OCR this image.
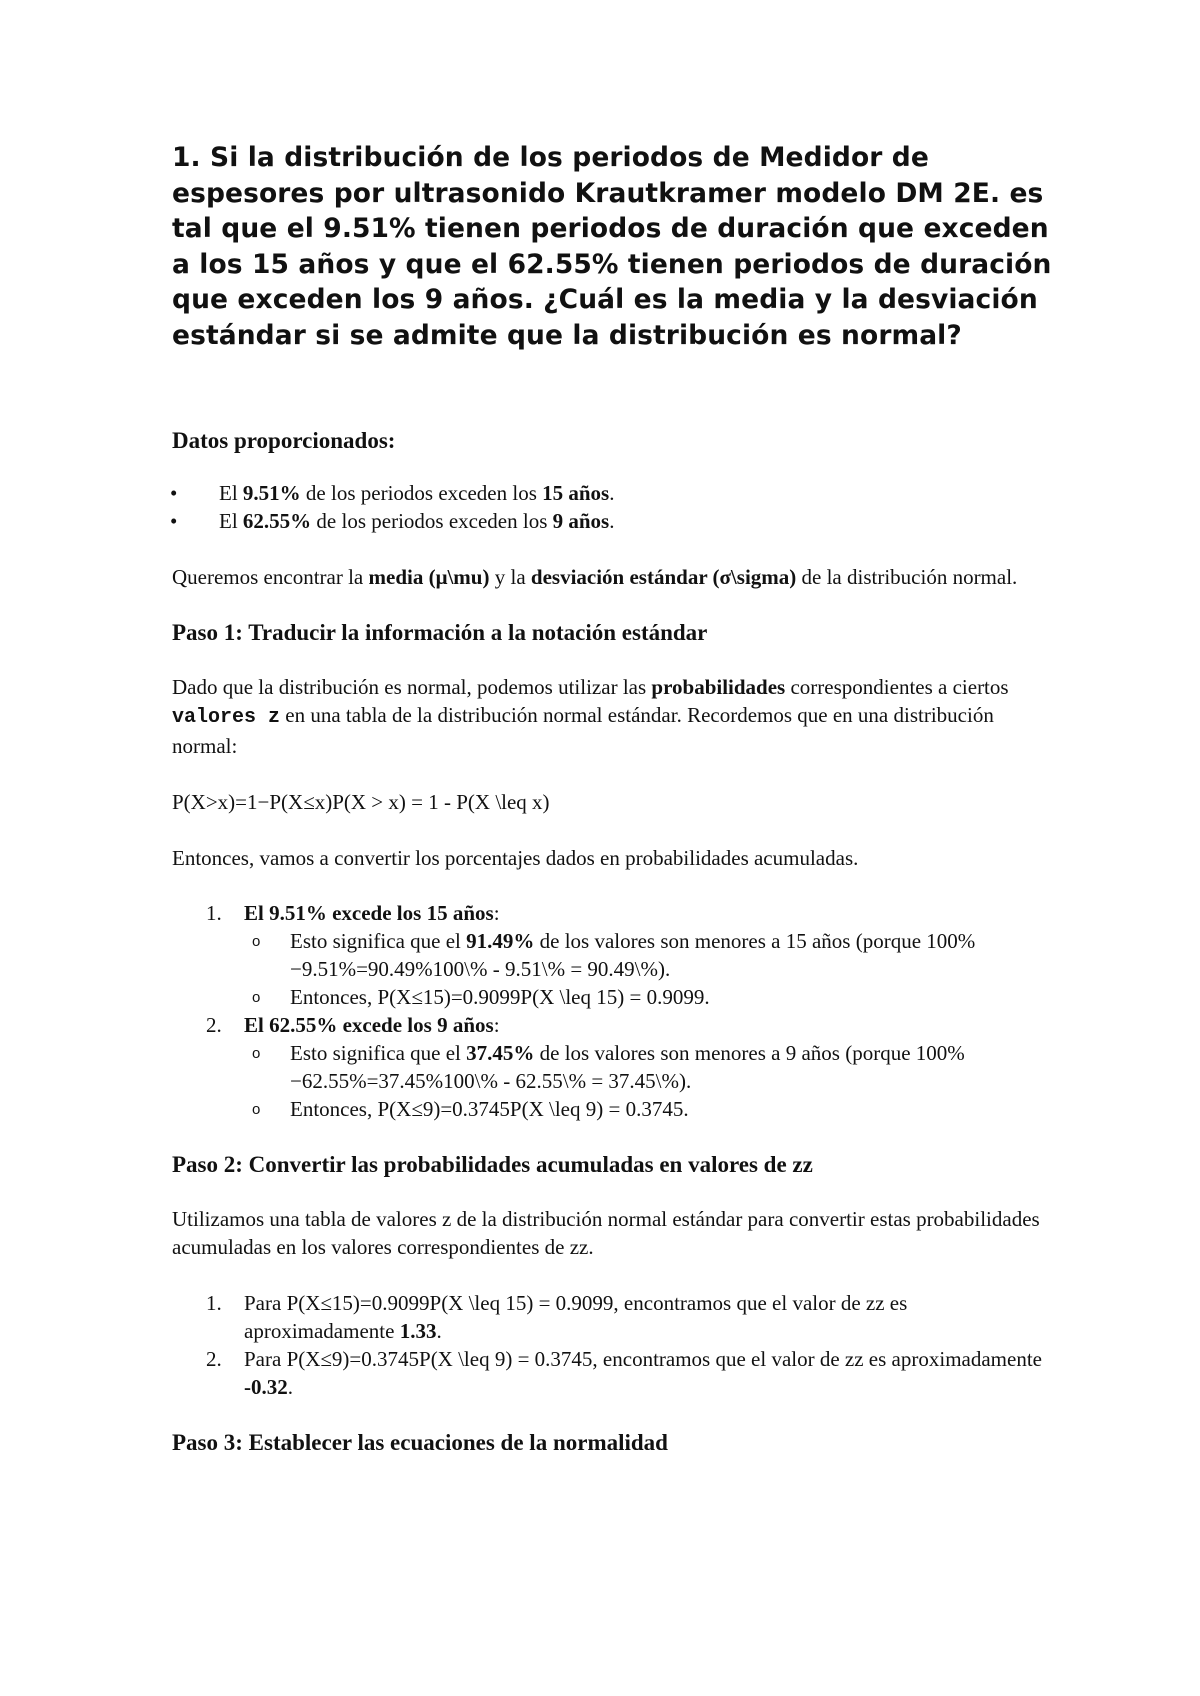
1. Si la distribución de los periodos de Medidor de espesores por ultrasonido Krautkramer modelo DM 2E. es tal que el 9.51% tienen periodos de duración que exceden a los 15 años y que el 62.55% tienen periodos de duración que exceden los 9 años. ¿Cuál es la media y la desviación estándar si se admite que la distribución es normal?
Datos proporcionados:
• El 9.51% de los periodos exceden los 15 años.
• El 62.55% de los periodos exceden los 9 años.

Queremos encontrar la media (μ\mu) y la desviación estándar (σ\sigma) de la distribución normal.

Paso 1: Traducir la información a la notación estándar

Dado que la distribución es normal, podemos utilizar las probabilidades correspondientes a ciertos valores z en una tabla de la distribución normal estándar. Recordemos que en una distribución normal:

P(X>x)=1−P(X≤x)P(X > x) = 1 - P(X \leq x)

Entonces, vamos a convertir los porcentajes dados en probabilidades acumuladas.

1. El 9.51% excede los 15 años:
o Esto significa que el 91.49% de los valores son menores a 15 años (porque 100%−9.51%=90.49%100\% - 9.51\% = 90.49\%).
o Entonces, P(X≤15)=0.9099P(X \leq 15) = 0.9099.
2. El 62.55% excede los 9 años:
o Esto significa que el 37.45% de los valores son menores a 9 años (porque 100%−62.55%=37.45%100\% - 62.55\% = 37.45\%).
o Entonces, P(X≤9)=0.3745P(X \leq 9) = 0.3745.
Paso 2: Convertir las probabilidades acumuladas en valores de zz

Utilizamos una tabla de valores z de la distribución normal estándar para convertir estas probabilidades acumuladas en los valores correspondientes de zz.

1. Para P(X≤15)=0.9099P(X \leq 15) = 0.9099, encontramos que el valor de zz es aproximadamente 1.33.
2. Para P(X≤9)=0.3745P(X \leq 9) = 0.3745, encontramos que el valor de zz es aproximadamente -0.32.
Paso 3: Establecer las ecuaciones de la normalidad
